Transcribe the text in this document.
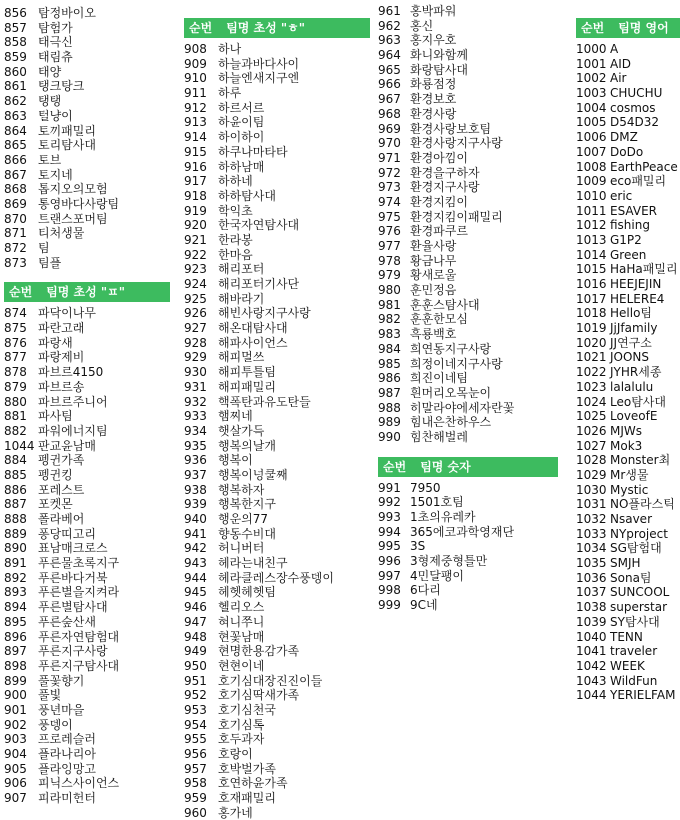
856 탐정바이오
857 탐험가
858 태극신
859 태림츄
860 태양
861 탱크탕크
862 탱탱
863 털냥이
864 토끼패밀리
865 토리탐사대
866 토브
867 토지네
868 톱지오의모험
869 통영바다사랑팀
870 트랜스포머팀
871 티처생물
872 팀
873 팀플
순번 팀명 초성 "ㅍ"
874 파닥이나무
875 파란고래
876 파랑새
877 파랑제비
878 파브르4150
879 파브르송
880 파브르주니어
881 파사팀
882 파워에너지팀
1044 판교윤남매
884 펭귄가족
885 펭귄킹
886 포레스트
887 포켓몬
888 폴라베어
889 퐁당띠고리
890 표남매크로스
891 푸른물초록지구
892 푸른바다거북
893 푸른별을지켜라
894 푸른별탐사대
895 푸른숲산새
896 푸른자연탐험대
897 푸른지구사랑
898 푸른지구탐사대
899 풀꽃향기
900 풀빛
901 풍년마을
902 풍뎅이
903 프로레슬러
904 플라나리아
905 플라잉망고
906 피닉스사이언스
907 피라미헌터
순번 팀명 초성 "ㅎ"
908 하나
909 하늘과바다사이
910 하늘엔새지구엔
911 하루
912 하르서르
913 하윤이팀
914 하이하이
915 하쿠나마타타
916 하하남매
917 하하네
918 하하탐사대
919 학익초
920 한국자연탐사대
921 한라봉
922 한마음
923 해리포터
924 해리포터기사단
925 해바라기
926 해빈사랑지구사랑
927 해온대탐사대
928 해파사이언스
929 해피멀쓰
930 해피투틀팀
931 해피패밀리
932 핵폭탄과유도탄들
933 햄찌네
934 햇살가득
935 행복의날개
936 행복이
937 행복이넝쿨째
938 행복하자
939 행복한지구
940 행운의77
941 향동수비대
942 허니버터
943 헤라는내친구
944 헤라클레스장수풍뎅이
945 헤헷헤헷팀
946 헬리오스
947 혀니쭈니
948 현꽃남매
949 현명한용감가족
950 현현이네
951 호기심대장진진이들
952 호기심딱새가족
953 호기심천국
954 호기심톡
955 호두과자
956 호랑이
957 호박벌가족
958 호연하윤가족
959 호재패밀리
960 홍가네
961 홍박파워
962 홍신
963 홍지우호
964 화니와함께
965 화랑탐사대
966 화룡점정
967 환경보호
968 환경사랑
969 환경사랑보호팀
970 환경사랑지구사랑
971 환경아낌이
972 환경을구하자
973 환경지구사랑
974 환경지킴이
975 환경지킴이패밀리
976 환경파쿠르
977 환율사랑
978 황금나무
979 황새로울
980 훈민정음
981 훈훈스탐사대
982 훈훈한모심
983 흑룡백호
984 희연동지구사랑
985 희정이네지구사랑
986 희진이네팀
987 흰머리오목눈이
988 히말라야에세자란꽃
989 힘내은찬하우스
990 힘찬해벌레
순번 팀명 숫자
991 7950
992 1501호팀
993 1초의유레카
994 365에코과학영재단
995 3S
996 3형제중형틀만
997 4민달팽이
998 6다리
999 9C네
순번 팀명 영어
1000 A
1001 AID
1002 Air
1003 CHUCHU
1004 cosmos
1005 D54D32
1006 DMZ
1007 DoDo
1008 EarthPeace
1009 eco패밀리
1010 eric
1011 ESAVER
1012 fishing
1013 G1P2
1014 Green
1015 HaHa패밀리
1016 HEEJEJIN
1017 HELERE4
1018 Hello팀
1019 JjJfamily
1020 JJ연구소
1021 JOONS
1022 JYHR세종
1023 lalalulu
1024 Leo탐사대
1025 LoveofE
1026 MJWs
1027 Mok3
1028 Monster최
1029 Mr생물
1030 Mystic
1031 NO플라스틱
1032 Nsaver
1033 NYproject
1034 SG탐험대
1035 SMJH
1036 Sona팀
1037 SUNCOOL
1038 superstar
1039 SY탐사대
1040 TENN
1041 traveler
1042 WEEK
1043 WildFun
1044 YERIELFAM
